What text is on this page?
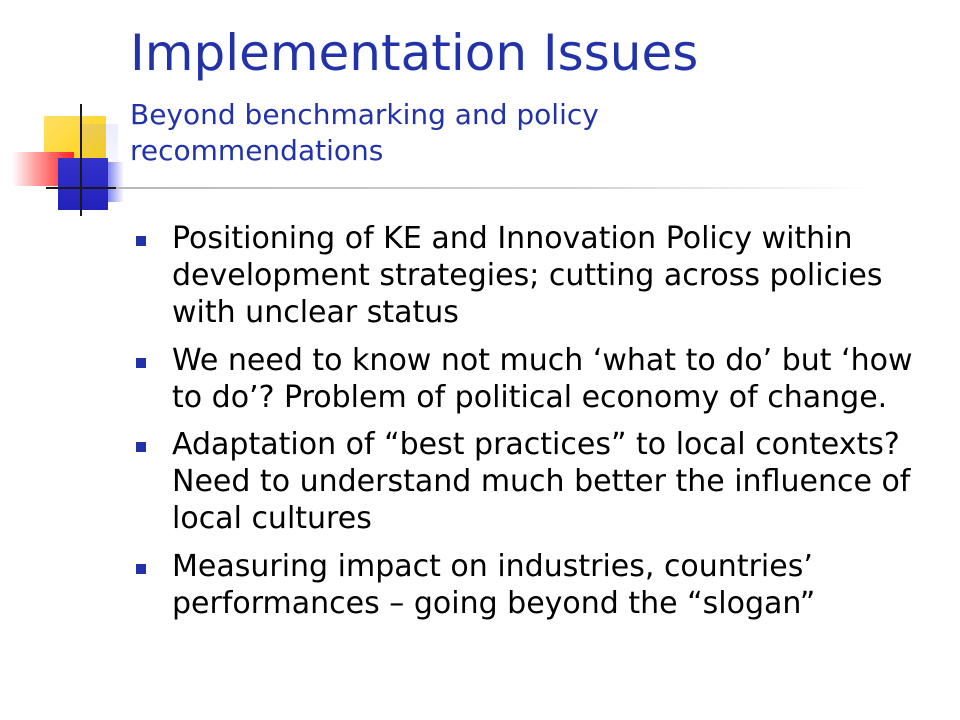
Implementation Issues
Beyond benchmarking and policy recommendations
Positioning of KE and Innovation Policy within development strategies; cutting across policies with unclear status
We need to know not much ‘what to do’ but ‘how to do’? Problem of political economy of change.
Adaptation of “best practices” to local contexts? Need to understand much better the influence of local cultures
Measuring impact on industries, countries’ performances – going beyond the “slogan”
